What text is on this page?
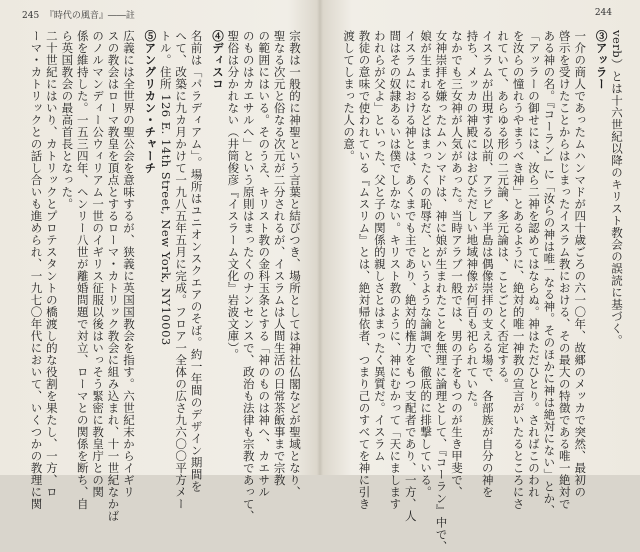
245 『時代の風音』――註
宗教は一般的に神聖という言葉と結びつき、場所としては神社仏閣などが聖域となり、
聖なる次元と俗なる次元が二分されるが、イスラムは人間生活の日常茶飯事まで宗教
の範囲にはいる。そのうえ、キリスト教の金科玉条とする「神のものは神へ、カエサル
のものはカエサルへ」という原則はまったくのナンセンスで、政治も法律も宗教であって、
聖俗は分かれない（井筒俊彦『イスラーム文化』岩波文庫）。
④ディスコ
名前は「パラディアム」。場所はユニオンスクエアのそば。約一年間のデザイン期間を
へて、改築に九カ月かけて一九八五年五月に完成。フロア一全体の広さ九六〇〇平方メー
トル。住所 126 E. 14th Street, New York, NY10003
⑤アングリカン・チャーチ
広義には全世界の聖公会を意味するが、狭義に英国国教会を指す。六世紀末からイギリ
スの教会はローマ教皇を頂点とするローマ・カトリック教会に組み込まれ、十一世紀なかば
のノルマンディー公ウィリアム一世のイギリス征服以後はいっそう緊密に教皇庁との関
係を維持した。一五三四年、ヘンリー八世が離婚問題で対立、ローマとの関係を断ち、自
ら英国教会の最高首長となった。
二十世紀にはいり、カトリックとプロテスタントの橋渡し的な役割を果たし、一方、ロ
ーマ・カトリックとの話し合いも進められ、一九七〇年代において、いくつかの教理に関
244
verb）とは十六世紀以降のキリスト教会の誤読に基づく。
③アッラー
一介の商人であったムハンマドが四十歳ごろの六一〇年、故郷のメッカで突然、最初の
啓示を受けたことからはじまったイスラム教における、その最大の特徴である唯一絶対で
ある神の名。『コーラン』に「汝らの神は唯一なる神。そのほかに神は絶対にない」とか、
「アッラーの御せには、汝ら二神を認めてはならぬ。神はただひとり。さればこのわれ
を汝らの憧れうやまうべき神」とあるように、絶対的唯一神教の宣言がいたるところにさ
れていて、あらゆる形の二元論、多元論は、ことごとく否定する。
イスラムが出現する以前、アラビア半島は偶像崇拝の支える場で、各部族が自分の神を
持ち、メッカの神殿にはおびただしい地域神像が何百も祀られていた。
なかでも三女神が人気があった。当時アラブ一般では、男の子をもつのが生き甲斐で、
女神崇拝を嫌ったムハンマドは、神に娘が生まれたことを無理に論理として、『コーラン』中で、
娘が生まれるなどはまったくの恥辱だ、というような論調で、徹底的に排撃している。
イスラムにおける神とは、あくまでも主であり、絶対的権力をもつ支配者であり、一方、人
間はその奴隷あるいは僕でしかない。キリスト教のように、神にむかって「天にまします
われらが父よ」といった、父と子の関係的親しさとはまったく異質だ。イスラム
教徒の意味で使われている『ムスリム』とは、絶対帰依者、つまり己のすべてを神に引き
渡してしまった人の意。
